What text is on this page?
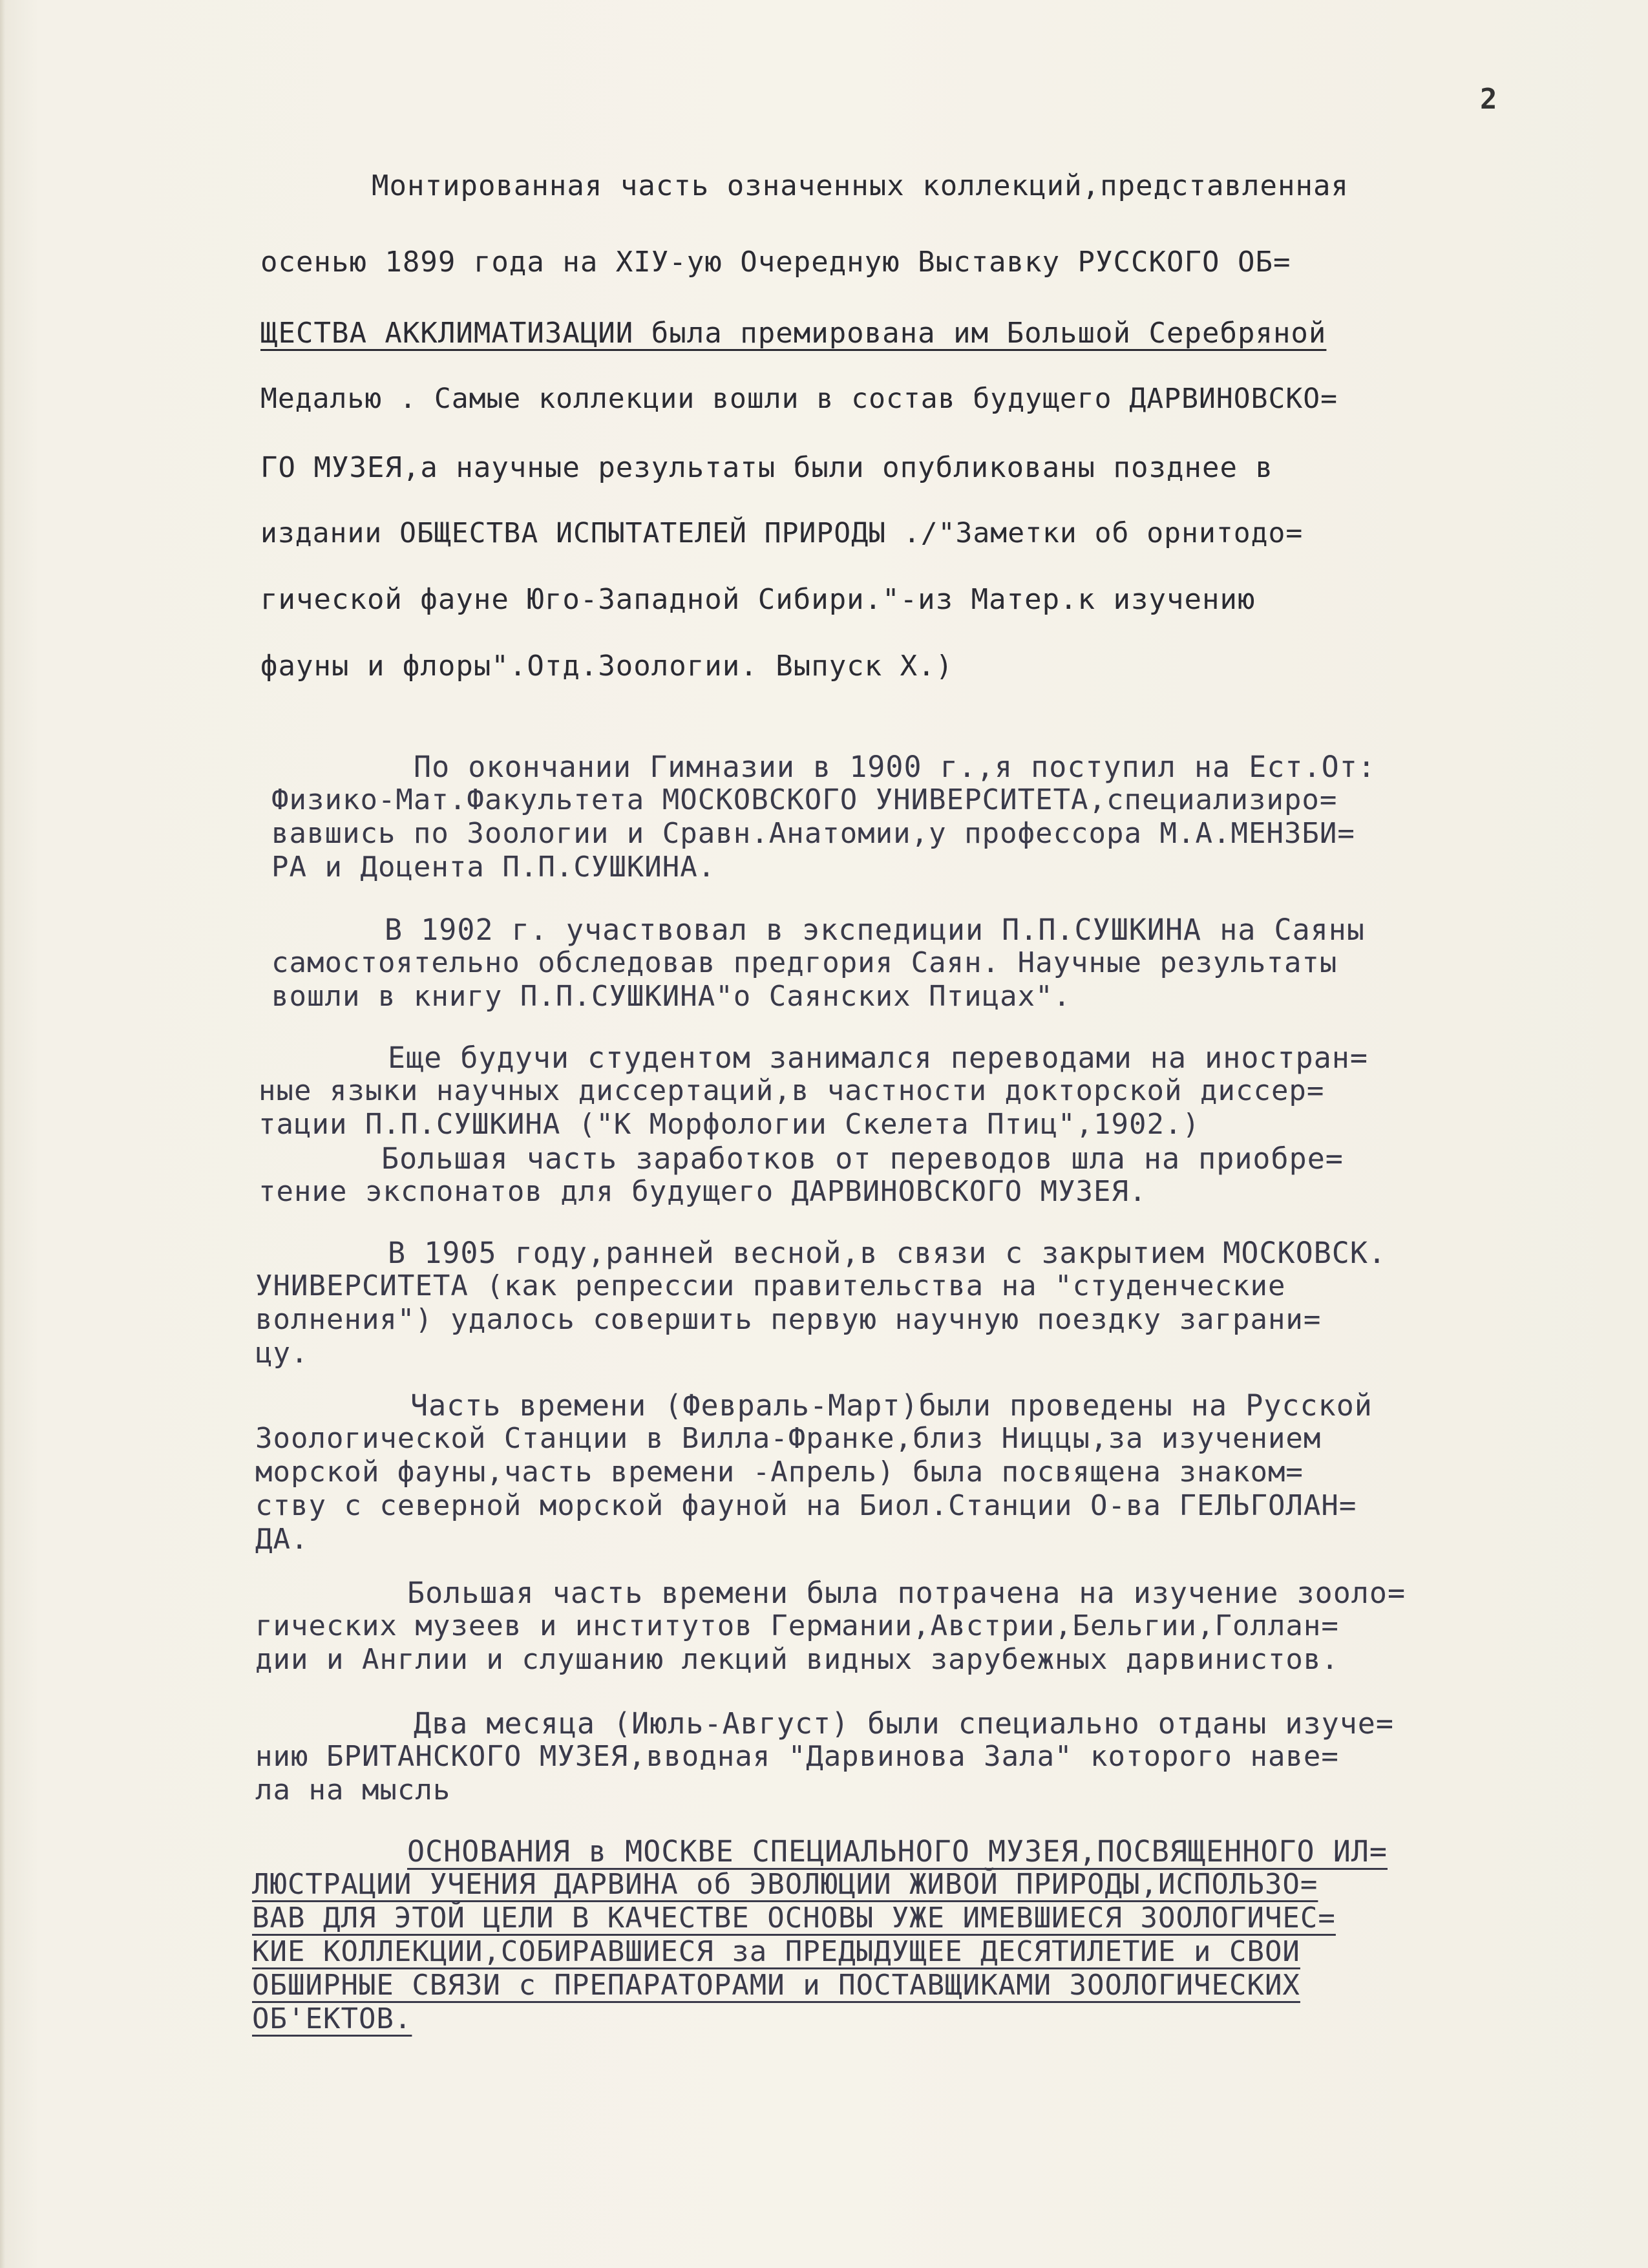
2
Монтированная часть означенных коллекций,представленная
осенью 1899 года на XIУ-ую Очередную Выставку РУССКОГО ОБ=
ЩЕСТВА АККЛИМАТИЗАЦИИ была премирована им Большой Серебряной
Медалью . Самые коллекции вошли в состав будущего ДАРВИНОВСКО=
ГО МУЗЕЯ,а научные результаты были опубликованы позднее в
издании ОБЩЕСТВА ИСПЫТАТЕЛЕЙ ПРИРОДЫ ./"Заметки об орнитодо=
гической фауне Юго-Западной Сибири."-из Матер.к изучению
фауны и флоры".Отд.Зоологии. Выпуск Х.)
По окончании Гимназии в 1900 г.,я поступил на Ест.От:
Физико-Мат.Факультета МОСКОВСКОГО УНИВЕРСИТЕТА,специализиро=
вавшись по Зоологии и Сравн.Анатомии,у профессора М.А.МЕНЗБИ=
РА и Доцента П.П.СУШКИНА.
В 1902 г. участвовал в экспедиции П.П.СУШКИНА на Саяны
самостоятельно обследовав предгория Саян. Научные результаты
вошли в книгу П.П.СУШКИНА"о Саянских Птицах".
Еще будучи студентом занимался переводами на иностран=
ные языки научных диссертаций,в частности докторской диссер=
тации П.П.СУШКИНА ("К Морфологии Скелета Птиц",1902.)
Большая часть заработков от переводов шла на приобре=
тение экспонатов для будущего ДАРВИНОВСКОГО МУЗЕЯ.
В 1905 году,ранней весной,в связи с закрытием МОСКОВСК.
УНИВЕРСИТЕТА (как репрессии правительства на "студенческие
волнения") удалось совершить первую научную поездку заграни=
цу.
Часть времени (Февраль-Март)были проведены на Русской
Зоологической Станции в Вилла-Франке,близ Ниццы,за изучением
морской фауны,часть времени -Апрель) была посвящена знаком=
ству с северной морской фауной на Биол.Станции О-ва ГЕЛЬГОЛАН=
ДА.
Большая часть времени была потрачена на изучение зооло=
гических музеев и институтов Германии,Австрии,Бельгии,Голлан=
дии и Англии и слушанию лекций видных зарубежных дарвинистов.
Два месяца (Июль-Август) были специально отданы изуче=
нию БРИТАНСКОГО МУЗЕЯ,вводная "Дарвинова Зала" которого наве=
ла на мысль
ОСНОВАНИЯ в МОСКВЕ СПЕЦИАЛЬНОГО МУЗЕЯ,ПОСВЯЩЕННОГО ИЛ=
ЛЮСТРАЦИИ УЧЕНИЯ ДАРВИНА об ЭВОЛЮЦИИ ЖИВОЙ ПРИРОДЫ,ИСПОЛЬЗО=
ВАВ ДЛЯ ЭТОЙ ЦЕЛИ В КАЧЕСТВЕ ОСНОВЫ УЖЕ ИМЕВШИЕСЯ ЗООЛОГИЧЕС=
КИЕ КОЛЛЕКЦИИ,СОБИРАВШИЕСЯ за ПРЕДЫДУЩЕЕ ДЕСЯТИЛЕТИЕ и СВОИ
ОБШИРНЫЕ СВЯЗИ с ПРЕПАРАТОРАМИ и ПОСТАВЩИКАМИ ЗООЛОГИЧЕСКИХ
ОБ'ЕКТОВ.
